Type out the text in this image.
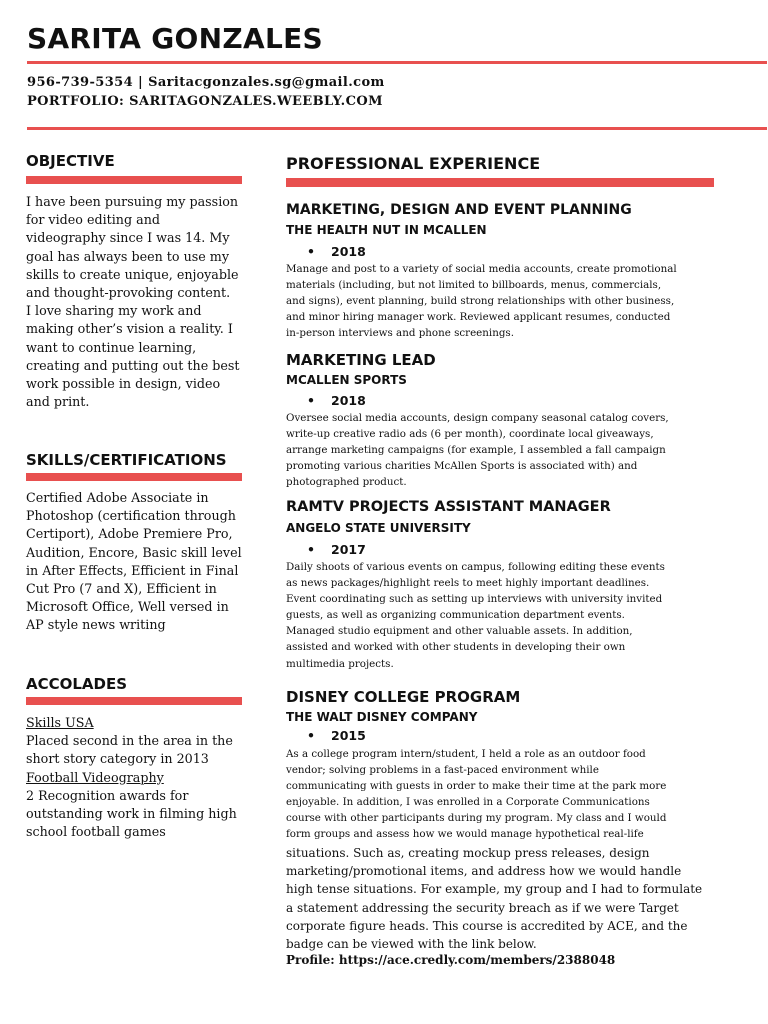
SARITA GONZALES
956-739-5354 | Saritacgonzales.sg@gmail.com
PORTFOLIO: SARITAGONZALES.WEEBLY.COM
OBJECTIVE
I have been pursuing my passion
for video editing and
videography since I was 14. My
goal has always been to use my
skills to create unique, enjoyable
and thought-provoking content.
I love sharing my work and
making other’s vision a reality. I
want to continue learning,
creating and putting out the best
work possible in design, video
and print.
SKILLS/CERTIFICATIONS
Certified Adobe Associate in
Photoshop (certification through
Certiport), Adobe Premiere Pro,
Audition, Encore, Basic skill level
in After Effects, Efficient in Final
Cut Pro (7 and X), Efficient in
Microsoft Office, Well versed in
AP style news writing
ACCOLADES
Skills USA
Placed second in the area in the
short story category in 2013
Football Videography
2 Recognition awards for
outstanding work in filming high
school football games
PROFESSIONAL EXPERIENCE
MARKETING, DESIGN AND EVENT PLANNING
THE HEALTH NUT IN MCALLEN
• 2018
Manage and post to a variety of social media accounts, create promotional
materials (including, but not limited to billboards, menus, commercials,
and signs), event planning, build strong relationships with other business,
and minor hiring manager work. Reviewed applicant resumes, conducted
in-person interviews and phone screenings.
MARKETING LEAD
MCALLEN SPORTS
• 2018
Oversee social media accounts, design company seasonal catalog covers,
write-up creative radio ads (6 per month), coordinate local giveaways,
arrange marketing campaigns (for example, I assembled a fall campaign
promoting various charities McAllen Sports is associated with) and
photographed product.
RAMTV PROJECTS ASSISTANT MANAGER
ANGELO STATE UNIVERSITY
• 2017
Daily shoots of various events on campus, following editing these events
as news packages/highlight reels to meet highly important deadlines.
Event coordinating such as setting up interviews with university invited
guests, as well as organizing communication department events.
Managed studio equipment and other valuable assets. In addition,
assisted and worked with other students in developing their own
multimedia projects.
DISNEY COLLEGE PROGRAM
THE WALT DISNEY COMPANY
• 2015
As a college program intern/student, I held a role as an outdoor food
vendor; solving problems in a fast-paced environment while
communicating with guests in order to make their time at the park more
enjoyable. In addition, I was enrolled in a Corporate Communications
course with other participants during my program. My class and I would
form groups and assess how we would manage hypothetical real-life
situations. Such as, creating mockup press releases, design
marketing/promotional items, and address how we would handle
high tense situations. For example, my group and I had to formulate
a statement addressing the security breach as if we were Target
corporate figure heads. This course is accredited by ACE, and the
badge can be viewed with the link below.
Profile: https://ace.credly.com/members/2388048
